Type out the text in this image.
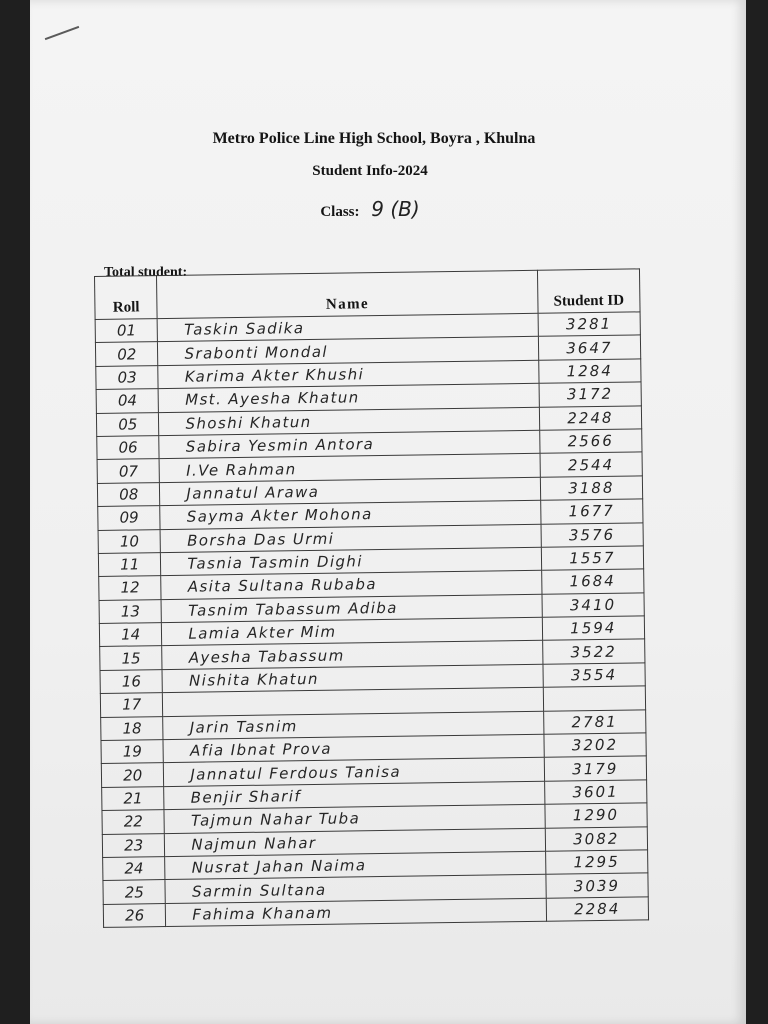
Metro Police Line High School, Boyra , Khulna
Student Info-2024
Class: 9 (B)
Total student:
Roll	Name	Student ID
01	Taskin Sadika	3281
02	Srabonti Mondal	3647
03	Karima Akter Khushi	1284
04	Mst. Ayesha Khatun	3172
05	Shoshi Khatun	2248
06	Sabira Yesmin Antora	2566
07	I.Ve Rahman	2544
08	Jannatul Arawa	3188
09	Sayma Akter Mohona	1677
10	Borsha Das Urmi	3576
11	Tasnia Tasmin Dighi	1557
12	Asita Sultana Rubaba	1684
13	Tasnim Tabassum Adiba	3410
14	Lamia Akter Mim	1594
15	Ayesha Tabassum	3522
16	Nishita Khatun	3554
17		
18	Jarin Tasnim	2781
19	Afia Ibnat Prova	3202
20	Jannatul Ferdous Tanisa	3179
21	Benjir Sharif	3601
22	Tajmun Nahar Tuba	1290
23	Najmun Nahar	3082
24	Nusrat Jahan Naima	1295
25	Sarmin Sultana	3039
26	Fahima Khanam	2284
